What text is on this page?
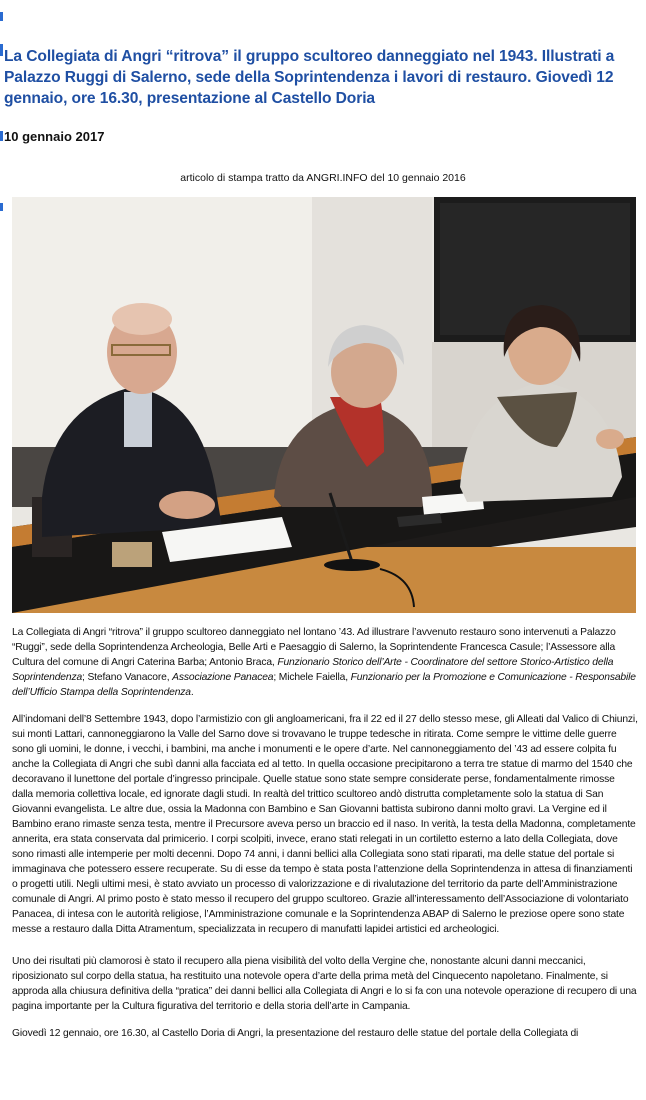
La Collegiata di Angri “ritrova” il gruppo scultoreo danneggiato nel 1943. Illustrati a Palazzo Ruggi di Salerno, sede della Soprintendenza i lavori di restauro. Giovedì 12 gennaio, ore 16.30, presentazione al Castello Doria
10 gennaio 2017
articolo di stampa tratto da ANGRI.INFO del 10 gennaio 2016

La Collegiata di Angri “ritrova” il gruppo scultoreo danneggiato nel lontano ’43. Ad illustrare l’avvenuto restauro sono intervenuti a Palazzo “Ruggi”, sede della Soprintendenza Archeologia, Belle Arti e Paesaggio di Salerno, la Soprintendente Francesca Casule; l’Assessore alla Cultura del comune di Angri Caterina Barba; Antonio Braca, Funzionario Storico dell’Arte - Coordinatore del settore Storico-Artistico della Soprintendenza; Stefano Vanacore, Associazione Panacea; Michele Faiella, Funzionario per la Promozione e Comunicazione - Responsabile dell’Ufficio Stampa della Soprintendenza.

All’indomani dell’8 Settembre 1943, dopo l’armistizio con gli angloamericani, fra il 22 ed il 27 dello stesso mese, gli Alleati dal Valico di Chiunzi, sui monti Lattari, cannoneggiarono la Valle del Sarno dove si trovavano le truppe tedesche in ritirata. Come sempre le vittime delle guerre sono gli uomini, le donne, i vecchi, i bambini, ma anche i monumenti e le opere d’arte. Nel cannoneggiamento del ’43 ad essere colpita fu anche la Collegiata di Angri che subì danni alla facciata ed al tetto. In quella occasione precipitarono a terra tre statue di marmo del 1540 che decoravano il lunettone del portale d’ingresso principale. Quelle statue sono state sempre considerate perse, fondamentalmente rimosse dalla memoria collettiva locale, ed ignorate dagli studi. In realtà del trittico scultoreo andò distrutta completamente solo la statua di San Giovanni evangelista. Le altre due, ossia la Madonna con Bambino e San Giovanni battista subirono danni molto gravi. La Vergine ed il Bambino erano rimaste senza testa, mentre il Precursore aveva perso un braccio ed il naso. In verità, la testa della Madonna, completamente annerita, era stata conservata dal primicerio. I corpi scolpiti, invece, erano stati relegati in un cortiletto esterno a lato della Collegiata, dove sono rimasti alle intemperie per molti decenni. Dopo 74 anni, i danni bellici alla Collegiata sono stati riparati, ma delle statue del portale si immaginava che potessero essere recuperate. Su di esse da tempo è stata posta l’attenzione della Soprintendenza in attesa di finanziamenti o progetti utili. Negli ultimi mesi, è stato avviato un processo di valorizzazione e di rivalutazione del territorio da parte dell’Amministrazione comunale di Angri. Al primo posto è stato messo il recupero del gruppo scultoreo. Grazie all’interessamento dell’Associazione di volontariato Panacea, di intesa con le autorità religiose, l’Amministrazione comunale e la Soprintendenza ABAP di Salerno le preziose opere sono state messe a restauro dalla Ditta Atramentum, specializzata in recupero di manufatti lapidei artistici ed archeologici.

Uno dei risultati più clamorosi è stato il recupero alla piena visibilità del volto della Vergine che, nonostante alcuni danni meccanici, riposizionato sul corpo della statua, ha restituito una notevole opera d’arte della prima metà del Cinquecento napoletano. Finalmente, si approda alla chiusura definitiva della “pratica” dei danni bellici alla Collegiata di Angri e lo si fa con una notevole operazione di recupero di una pagina importante per la Cultura figurativa del territorio e della storia dell’arte in Campania.

Giovedì 12 gennaio, ore 16.30, al Castello Doria di Angri, la presentazione del restauro delle statue del portale della Collegiata di
